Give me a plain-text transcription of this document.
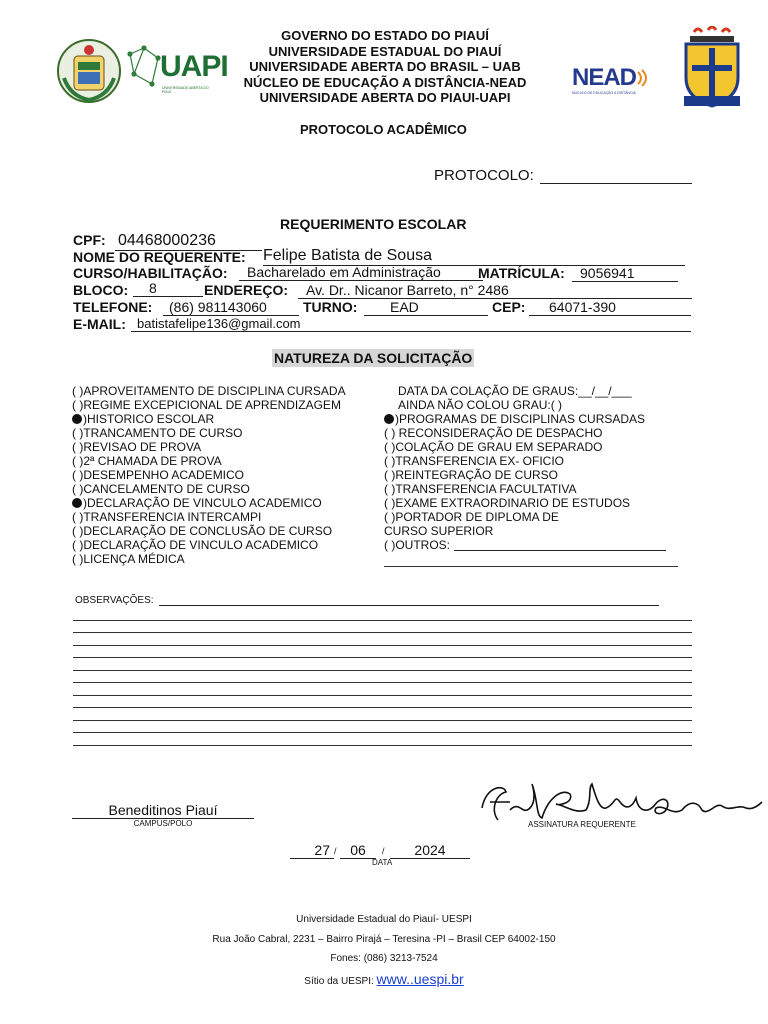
UAPI
UNIVERSIDADE ABERTA DO PIAUÍ
GOVERNO DO ESTADO DO PIAUÍ
UNIVERSIDADE ESTADUAL DO PIAUÍ
UNIVERSIDADE ABERTA DO BRASIL – UAB
NÚCLEO DE EDUCAÇÃO A DISTÂNCIA-NEAD
UNIVERSIDADE ABERTA DO PIAUI-UAPI
NEAD
NÚCLEO DE EDUCAÇÃO A DISTÂNCIA
PROTOCOLO ACADÊMICO
PROTOCOLO:
REQUERIMENTO ESCOLAR
CPF: 04468000236
NOME DO REQUERENTE: Felipe Batista de Sousa
CURSO/HABILITAÇÃO:	Bacharelado em Administração	MATRÍCULA:	9056941
BLOCO:	8	ENDEREÇO:	Av. Dr.. Nicanor Barreto, n° 2486
TELEFONE:	(86) 981143060	TURNO:	EAD	CEP:	64071-390
E-MAIL: batistafelipe136@gmail.com
NATUREZA DA SOLICITAÇÃO
( )APROVEITAMENTO DE DISCIPLINA CURSADA
( )REGIME EXCEPICIONAL DE APRENDIZAGEM
)HISTORICO ESCOLAR
( )TRANCAMENTO DE CURSO
( )REVISAO DE PROVA
( )2ª CHAMADA DE PROVA
( )DESEMPENHO ACADEMICO
( )CANCELAMENTO DE CURSO
)DECLARAÇÃO DE VINCULO ACADEMICO
( )TRANSFERENCIA INTERCAMPI
( )DECLARAÇÃO DE CONCLUSÃO DE CURSO
( )DECLARAÇÃO DE VINCULO ACADEMICO
( )LICENÇA MÉDICA
DATA DA COLAÇÃO DE GRAUS:__/__/___
AINDA NÃO COLOU GRAU:( )
)PROGRAMAS DE DISCIPLINAS CURSADAS
( ) RECONSIDERAÇÃO DE DESPACHO
( )COLAÇÃO DE GRAU EM SEPARADO
( )TRANSFERENCIA EX- OFICIO
( )REINTEGRAÇÃO DE CURSO
( )TRANSFERENCIA FACULTATIVA
( )EXAME EXTRAORDINARIO DE ESTUDOS
( )PORTADOR DE DIPLOMA DE
CURSO SUPERIOR
( )OUTROS:
OBSERVAÇÕES:
Beneditinos Piauí
CAMPUS/POLO	ASSINATURA REQUERENTE
27 / 06	/	2024
DATA
Universidade Estadual do Piauí- UESPI
Rua João Cabral, 2231 – Bairro Pirajá – Teresina -PI – Brasil CEP 64002-150
Fones: (086) 3213-7524
Sítio da UESPI: www..uespi.br
